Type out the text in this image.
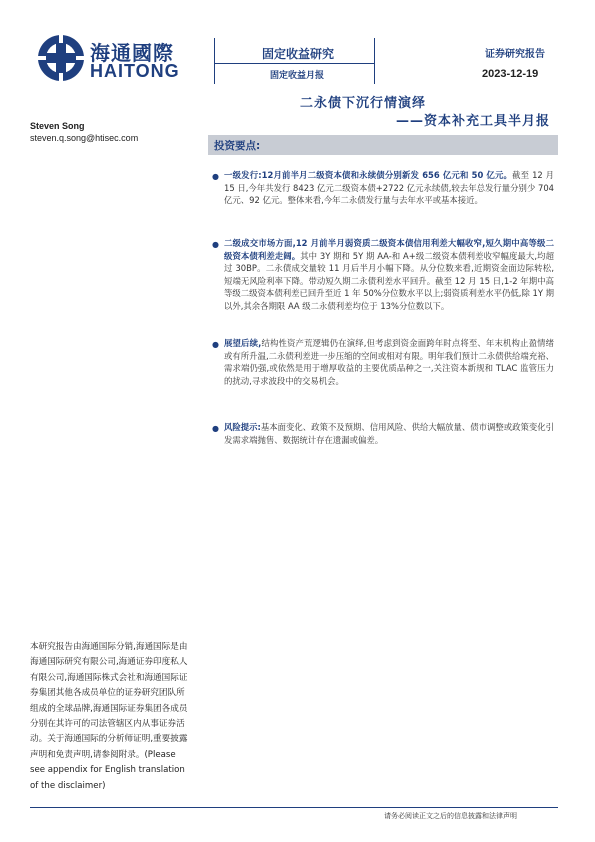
海通國際
HAITONG
固定收益研究
固定收益月报
证券研究报告
2023-12-19
二永债下沉行情演绎
——资本补充工具半月报
Steven Song
steven.q.song@htisec.com
投资要点:
● 一级发行:12月前半月二级资本债和永续债分别新发 656 亿元和 50 亿元。截至 12 月 15 日,今年共发行 8423 亿元二级资本债+2722 亿元永续债,较去年总发行量分别少 704 亿元、92 亿元。整体来看,今年二永债发行量与去年水平或基本接近。
● 二级成交市场方面,12 月前半月弱资质二级资本债信用利差大幅收窄,短久期中高等级二级资本债利差走阔。其中 3Y 期和 5Y 期 AA-和 A+级二级资本债利差收窄幅度最大,均超过 30BP。二永债成交量较 11 月后半月小幅下降。从分位数来看,近期资金面边际转松,短端无风险利率下降。带动短久期二永债利差水平回升。截至 12 月 15 日,1-2 年期中高等级二级资本债利差已回升至近 1 年 50%分位数水平以上;弱资质利差水平仍低,除 1Y 期以外,其余各期限 AA 级二永债利差均位于 13%分位数以下。
● 展望后续,结构性资产荒逻辑仍在演绎,但考虑到资金面跨年时点将至、年末机构止盈情绪或有所升温,二永债利差进一步压缩的空间或相对有限。明年我们预计二永债供给端充裕、需求端仍强,或依然是用于增厚收益的主要优质品种之一,关注资本新规和 TLAC 监管压力的扰动,寻求波段中的交易机会。
● 风险提示:基本面变化、政策不及预期、信用风险、供给大幅放量、债市调整或政策变化引发需求端抛售、数据统计存在遗漏或偏差。
本研究报告由海通国际分销,海通国际是由海通国际研究有限公司,海通证券印度私人有限公司,海通国际株式会社和海通国际证券集团其他各成员单位的证券研究团队所组成的全球品牌,海通国际证券集团各成员分别在其许可的司法管辖区内从事证券活动。关于海通国际的分析师证明,重要披露声明和免责声明,请参阅附录。(Please see appendix for English translation of the disclaimer)
请务必阅读正文之后的信息披露和法律声明
